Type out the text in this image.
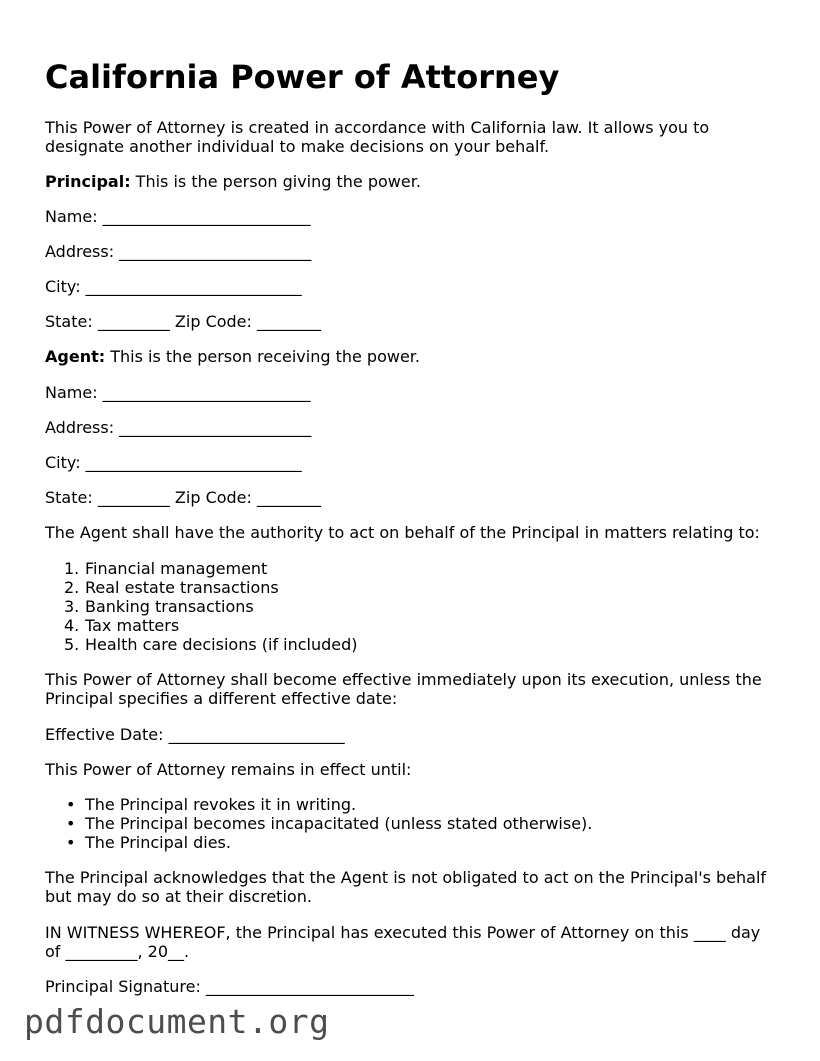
California Power of Attorney

This Power of Attorney is created in accordance with California law. It allows you to

designate another individual to make decisions on your behalf.

Principal: This is the person giving the power.

Name: __________________________

Address: ________________________

City: ___________________________

State: _________ Zip Code: ________

Agent: This is the person receiving the power.

Name: __________________________

Address: ________________________

City: ___________________________

State: _________ Zip Code: ________

The Agent shall have the authority to act on behalf of the Principal in matters relating to:

1. Financial management
2. Real estate transactions
3. Banking transactions
4. Tax matters
5. Health care decisions (if included)

This Power of Attorney shall become effective immediately upon its execution, unless the

Principal specifies a different effective date:

Effective Date: ______________________

This Power of Attorney remains in effect until:

• The Principal revokes it in writing.
• The Principal becomes incapacitated (unless stated otherwise).
• The Principal dies.

The Principal acknowledges that the Agent is not obligated to act on the Principal's behalf

but may do so at their discretion.

IN WITNESS WHEREOF, the Principal has executed this Power of Attorney on this ____ day

of _________, 20__.

Principal Signature: __________________________

pdfdocument.org
